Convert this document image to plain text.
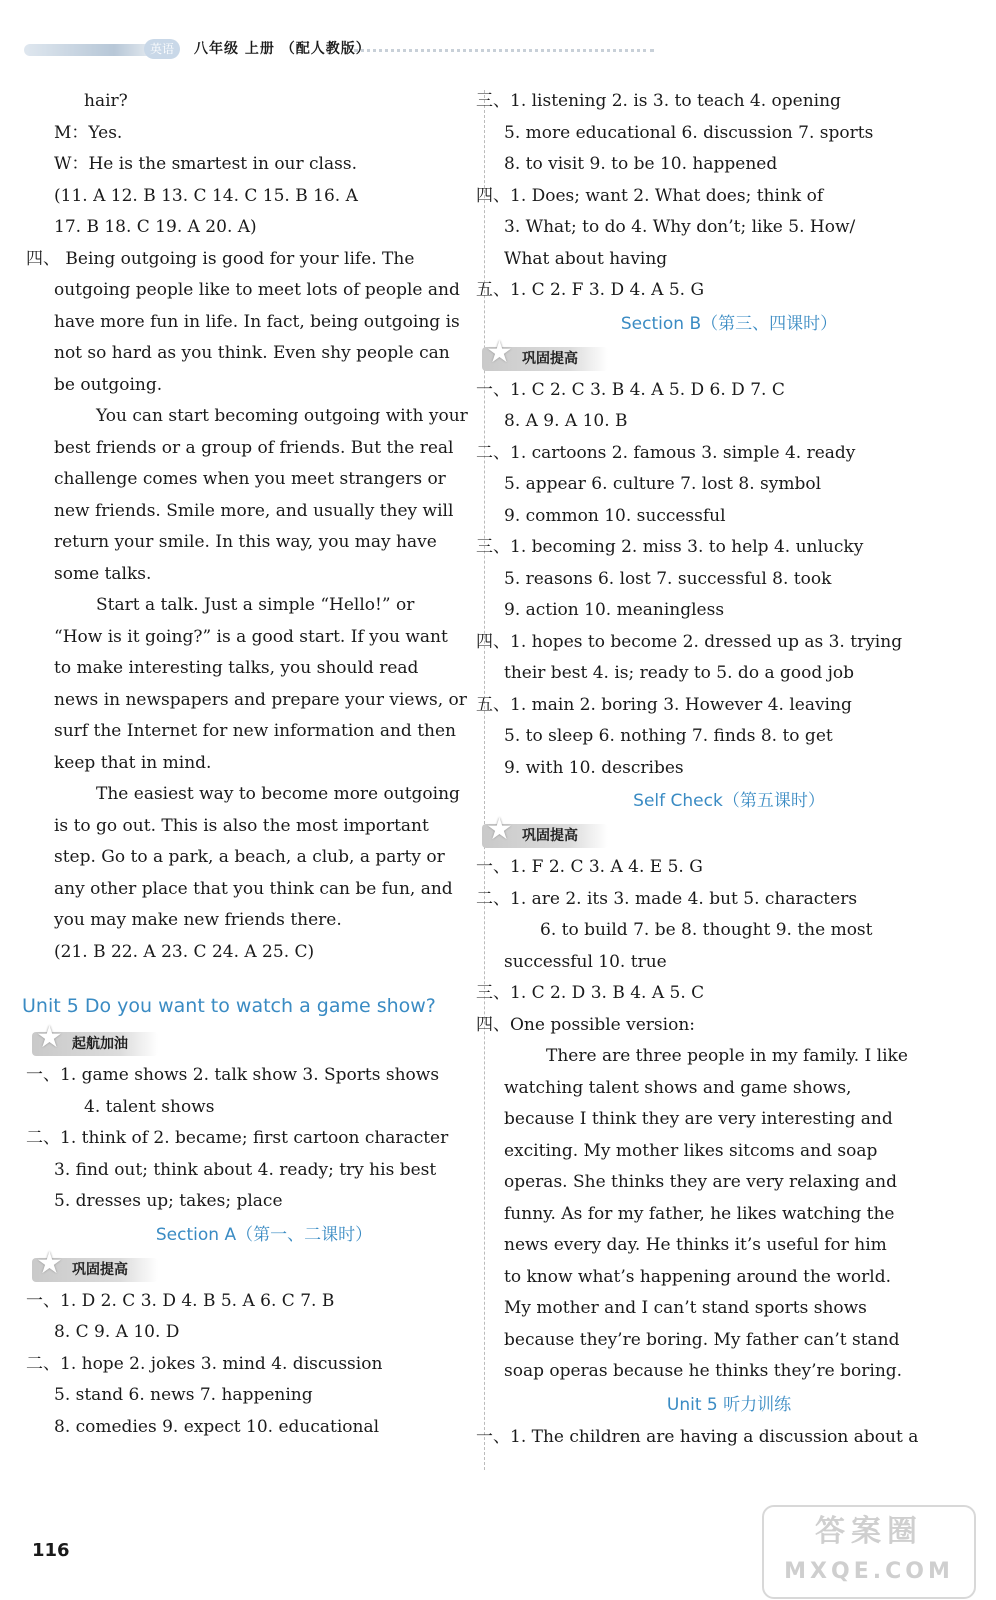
英语	八年级 上册 （配人教版）
hair?
M：Yes.
W：He is the smartest in our class.
(11. A 12. B 13. C 14. C 15. B 16. A
17. B 18. C 19. A 20. A)
四、 Being outgoing is good for your life. The
outgoing people like to meet lots of people and
have more fun in life. In fact, being outgoing is
not so hard as you think. Even shy people can
be outgoing.
You can start becoming outgoing with your
best friends or a group of friends. But the real
challenge comes when you meet strangers or
new friends. Smile more, and usually they will
return your smile. In this way, you may have
some talks.
Start a talk. Just a simple “Hello!” or
“How is it going?” is a good start. If you want
to make interesting talks, you should read
news in newspapers and prepare your views, or
surf the Internet for new information and then
keep that in mind.
The easiest way to become more outgoing
is to go out. This is also the most important
step. Go to a park, a beach, a club, a party or
any other place that you think can be fun, and
you may make new friends there.
(21. B 22. A 23. C 24. A 25. C)
Unit 5 Do you want to watch a game show?
★ 起航加油
一、1. game shows 2. talk show 3. Sports shows
4. talent shows
二、1. think of 2. became; first cartoon character
3. find out; think about 4. ready; try his best
5. dresses up; takes; place
Section A（第一、二课时）
★ 巩固提高
一、1. D 2. C 3. D 4. B 5. A 6. C 7. B
8. C 9. A 10. D
二、1. hope 2. jokes 3. mind 4. discussion
5. stand 6. news 7. happening
8. comedies 9. expect 10. educational
三、1. listening 2. is 3. to teach 4. opening
5. more educational 6. discussion 7. sports
8. to visit 9. to be 10. happened
四、1. Does; want 2. What does; think of
3. What; to do 4. Why don’t; like 5. How/
What about having
五、1. C 2. F 3. D 4. A 5. G
Section B（第三、四课时）
★ 巩固提高
一、1. C 2. C 3. B 4. A 5. D 6. D 7. C
8. A 9. A 10. B
二、1. cartoons 2. famous 3. simple 4. ready
5. appear 6. culture 7. lost 8. symbol
9. common 10. successful
三、1. becoming 2. miss 3. to help 4. unlucky
5. reasons 6. lost 7. successful 8. took
9. action 10. meaningless
四、1. hopes to become 2. dressed up as 3. trying
their best 4. is; ready to 5. do a good job
五、1. main 2. boring 3. However 4. leaving
5. to sleep 6. nothing 7. finds 8. to get
9. with 10. describes
Self Check（第五课时）
★ 巩固提高
一、1. F 2. C 3. A 4. E 5. G
二、1. are 2. its 3. made 4. but 5. characters
6. to build 7. be 8. thought 9. the most
successful 10. true
三、1. C 2. D 3. B 4. A 5. C
四、One possible version:
There are three people in my family. I like
watching talent shows and game shows,
because I think they are very interesting and
exciting. My mother likes sitcoms and soap
operas. She thinks they are very relaxing and
funny. As for my father, he likes watching the
news every day. He thinks it’s useful for him
to know what’s happening around the world.
My mother and I can’t stand sports shows
because they’re boring. My father can’t stand
soap operas because he thinks they’re boring.
Unit 5 听力训练
一、1. The children are having a discussion about a
116
答案圈
MXQE.COM
